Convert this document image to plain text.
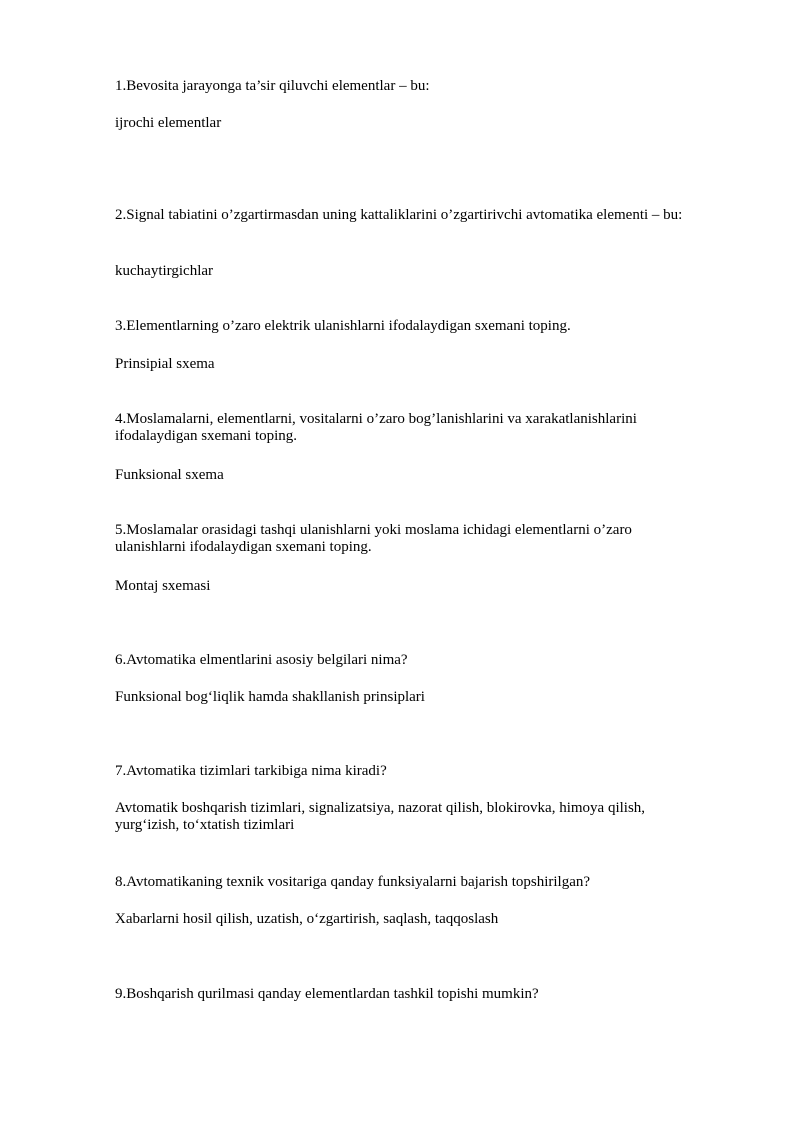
1.Bevosita jarayonga ta’sir qiluvchi elementlar – bu:
ijrochi elementlar
2.Signal tabiatini o’zgartirmasdan uning kattaliklarini o’zgartirivchi avtomatika elementi – bu:
kuchaytirgichlar
3.Elementlarning o’zaro elektrik ulanishlarni ifodalaydigan sxemani toping.
Prinsipial sxema
4.Moslamalarni, elementlarni, vositalarni o’zaro bog’lanishlarini va xarakatlanishlarini ifodalaydigan sxemani toping.
Funksional sxema
5.Moslamalar orasidagi tashqi ulanishlarni yoki moslama ichidagi elementlarni o’zaro ulanishlarni ifodalaydigan sxemani toping.
Montaj sxemasi
6.Avtomatika elmentlarini asosiy belgilari nima?
Funksional bog‘liqlik hamda shakllanish prinsiplari
7.Avtomatika tizimlari tarkibiga nima kiradi?
Avtomatik boshqarish tizimlari, signalizatsiya, nazorat qilish, blokirovka, himoya qilish, yurg‘izish, to‘xtatish tizimlari
8.Avtomatikaning texnik vositariga qanday funksiyalarni bajarish topshirilgan?
Xabarlarni hosil qilish, uzatish, o‘zgartirish, saqlash, taqqoslash
9.Boshqarish qurilmasi qanday elementlardan tashkil topishi mumkin?
